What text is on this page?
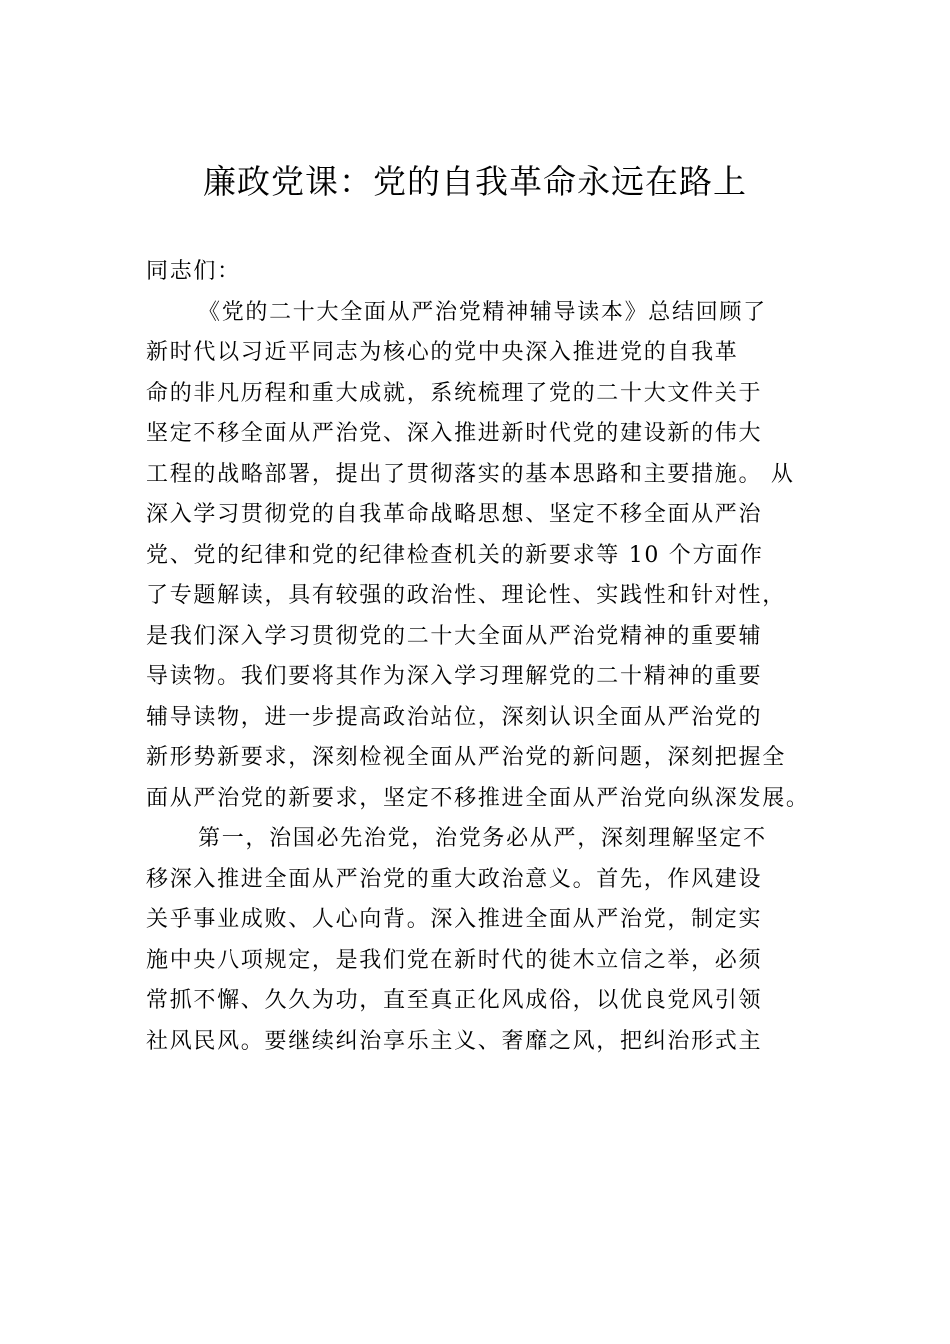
廉政党课：党的自我革命永远在路上
同志们：
《党的二十大全面从严治党精神辅导读本》总结回顾了
新时代以习近平同志为核心的党中央深入推进党的自我革
命的非凡历程和重大成就，系统梳理了党的二十大文件关于
坚定不移全面从严治党、深入推进新时代党的建设新的伟大
工程的战略部署，提出了贯彻落实的基本思路和主要措施。 从
深入学习贯彻党的自我革命战略思想、坚定不移全面从严治
党、党的纪律和党的纪律检查机关的新要求等 10 个方面作
了专题解读，具有较强的政治性、理论性、实践性和针对性，
是我们深入学习贯彻党的二十大全面从严治党精神的重要辅
导读物。我们要将其作为深入学习理解党的二十精神的重要
辅导读物，进一步提高政治站位，深刻认识全面从严治党的
新形势新要求，深刻检视全面从严治党的新问题，深刻把握全
面从严治党的新要求，坚定不移推进全面从严治党向纵深发展。
第一，治国必先治党，治党务必从严，深刻理解坚定不
移深入推进全面从严治党的重大政治意义。首先，作风建设
关乎事业成败、人心向背。深入推进全面从严治党，制定实
施中央八项规定，是我们党在新时代的徙木立信之举，必须
常抓不懈、久久为功，直至真正化风成俗，以优良党风引领
社风民风。要继续纠治享乐主义、奢靡之风，把纠治形式主
